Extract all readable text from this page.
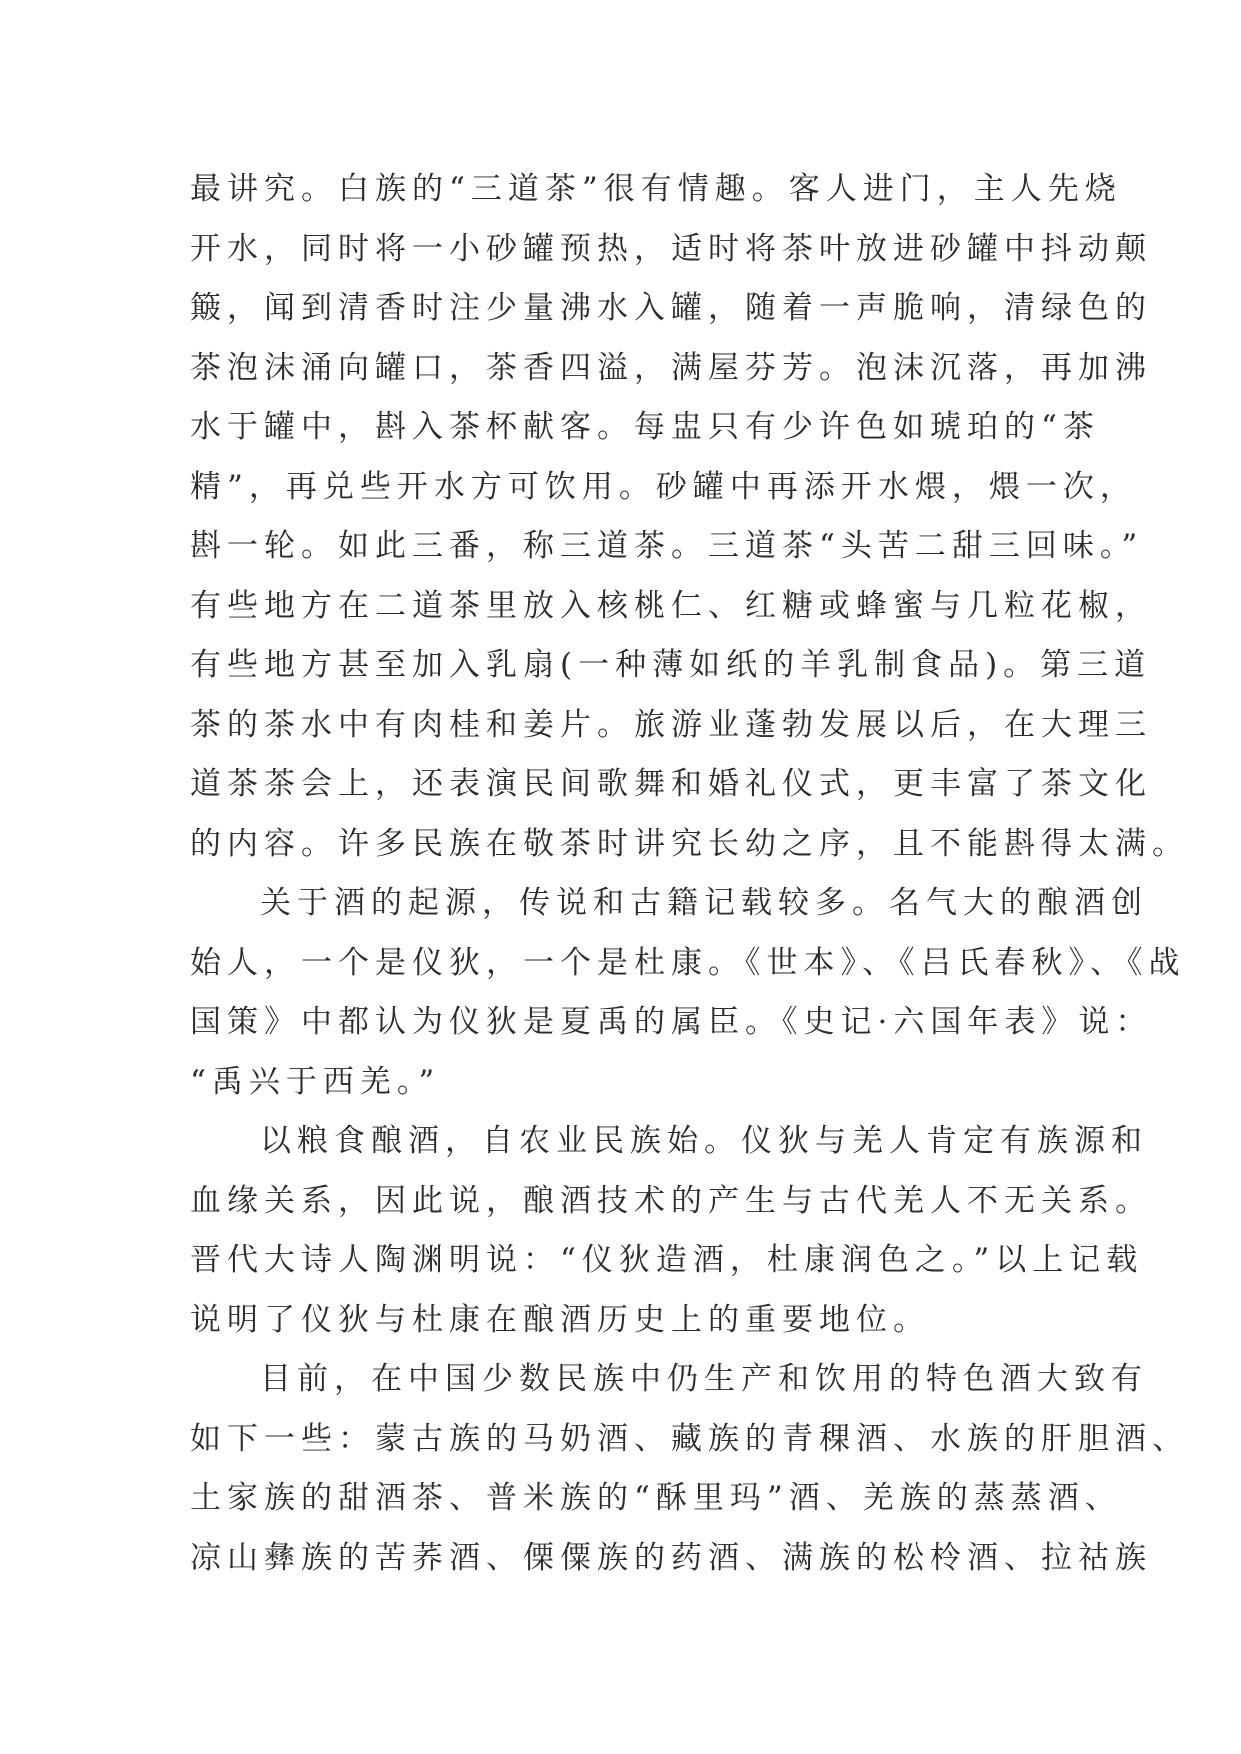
最讲究。白族的“三道茶”很有情趣。客人进门，主人先烧
开水，同时将一小砂罐预热，适时将茶叶放进砂罐中抖动颠
簸，闻到清香时注少量沸水入罐，随着一声脆响，清绿色的
茶泡沫涌向罐口，茶香四溢，满屋芬芳。泡沫沉落，再加沸
水于罐中，斟入茶杯献客。每盅只有少许色如琥珀的“茶
精”，再兑些开水方可饮用。砂罐中再添开水煨，煨一次，
斟一轮。如此三番，称三道茶。三道茶“头苦二甜三回味。”
有些地方在二道茶里放入核桃仁、红糖或蜂蜜与几粒花椒，
有些地方甚至加入乳扇(一种薄如纸的羊乳制食品)。第三道
茶的茶水中有肉桂和姜片。旅游业蓬勃发展以后，在大理三
道茶茶会上，还表演民间歌舞和婚礼仪式，更丰富了茶文化
的内容。许多民族在敬茶时讲究长幼之序，且不能斟得太满。
关于酒的起源，传说和古籍记载较多。名气大的酿酒创
始人，一个是仪狄，一个是杜康。《世本》、《吕氏春秋》、《战
国策》中都认为仪狄是夏禹的属臣。《史记·六国年表》说：
“禹兴于西羌。”
以粮食酿酒，自农业民族始。仪狄与羌人肯定有族源和
血缘关系，因此说，酿酒技术的产生与古代羌人不无关系。
晋代大诗人陶渊明说：“仪狄造酒，杜康润色之。”以上记载
说明了仪狄与杜康在酿酒历史上的重要地位。
目前，在中国少数民族中仍生产和饮用的特色酒大致有
如下一些：蒙古族的马奶酒、藏族的青稞酒、水族的肝胆酒、
土家族的甜酒茶、普米族的“酥里玛”酒、羌族的蒸蒸酒、
凉山彝族的苦荞酒、傈僳族的药酒、满族的松柃酒、拉祜族
